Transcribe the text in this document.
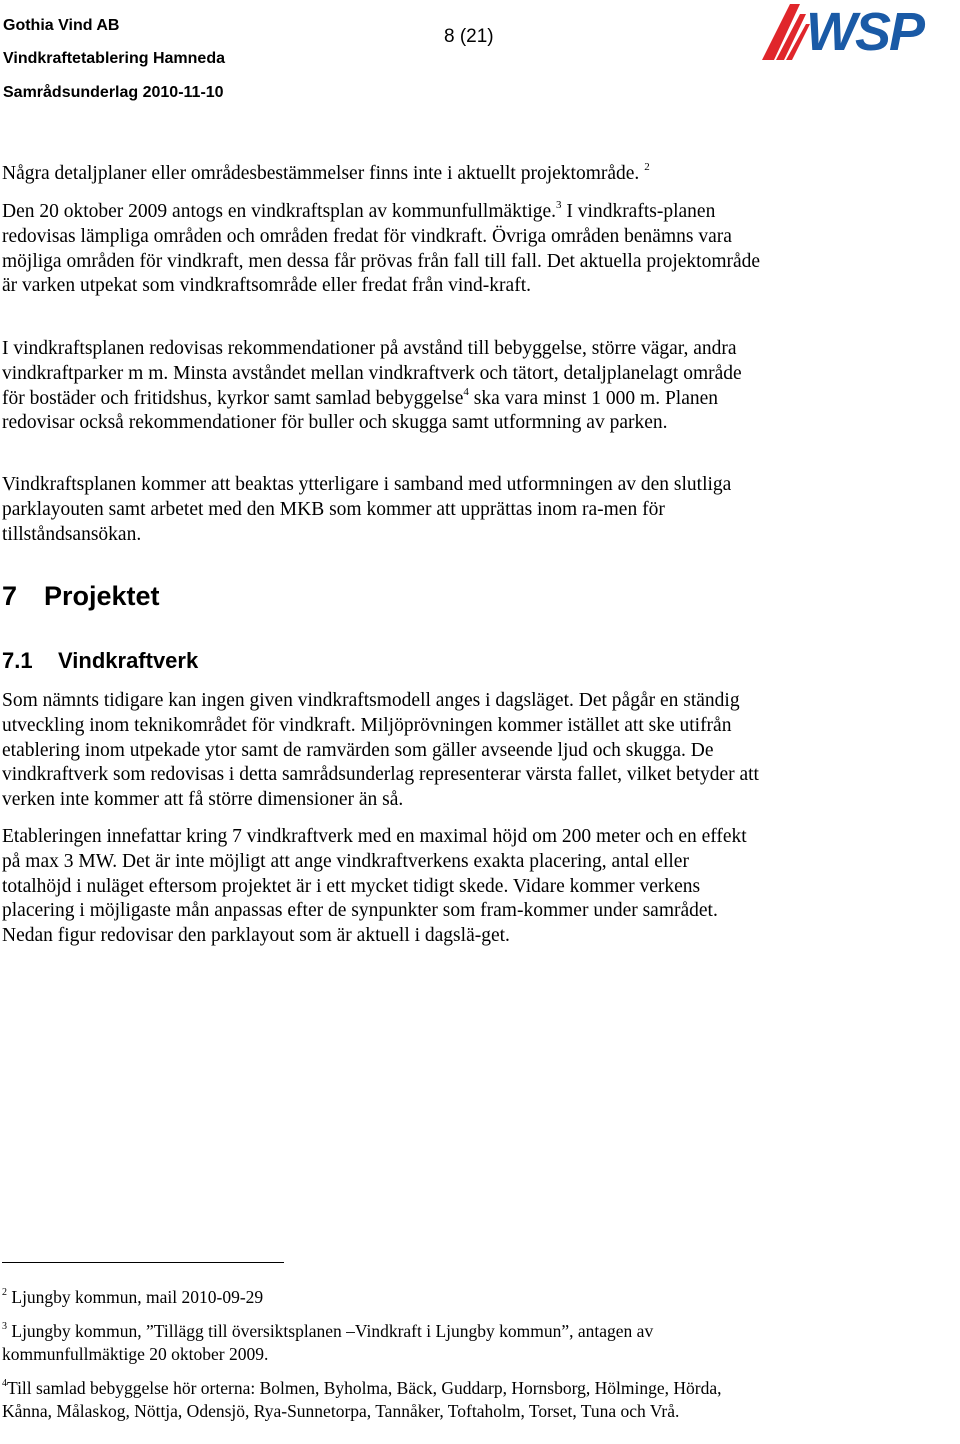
Gothia Vind AB
Vindkraftetablering Hamneda
Samrådsunderlag 2010-11-10
8 (21)	WSP

Några detaljplaner eller områdesbestämmelser finns inte i aktuellt projektområde. $^2$

Den 20 oktober 2009 antogs en vindkraftsplan av kommunfullmäktige.$^3$ I vindkrafts-planen redovisas lämpliga områden och områden fredat för vindkraft. Övriga områden benämns vara möjliga områden för vindkraft, men dessa får prövas från fall till fall. Det aktuella projektområde är varken utpekat som vindkraftsområde eller fredat från vind-kraft.

I vindkraftsplanen redovisas rekommendationer på avstånd till bebyggelse, större vägar, andra vindkraftparker m m. Minsta avståndet mellan vindkraftverk och tätort, detaljplanelagt område för bostäder och fritidshus, kyrkor samt samlad bebyggelse$^4$ ska vara minst 1 000 m. Planen redovisar också rekommendationer för buller och skugga samt utformning av parken.

Vindkraftsplanen kommer att beaktas ytterligare i samband med utformningen av den slutliga parklayouten samt arbetet med den MKB som kommer att upprättas inom ra-men för tillståndsansökan.

7 Projektet
7.1 Vindkraftverk

Som nämnts tidigare kan ingen given vindkraftsmodell anges i dagsläget. Det pågår en ständig utveckling inom teknikområdet för vindkraft. Miljöprövningen kommer istället att ske utifrån etablering inom utpekade ytor samt de ramvärden som gäller avseende ljud och skugga. De vindkraftverk som redovisas i detta samrådsunderlag representerar värsta fallet, vilket betyder att verken inte kommer att få större dimensioner än så.

Etableringen innefattar kring 7 vindkraftverk med en maximal höjd om 200 meter och en effekt på max 3 MW. Det är inte möjligt att ange vindkraftverkens exakta placering, antal eller totalhöjd i nuläget eftersom projektet är i ett mycket tidigt skede. Vidare kommer verkens placering i möjligaste mån anpassas efter de synpunkter som fram-kommer under samrådet. Nedan figur redovisar den parklayout som är aktuell i dagslä-get.

$^2$ Ljungby kommun, mail 2010-09-29

$^3$ Ljungby kommun, ”Tillägg till översiktsplanen –Vindkraft i Ljungby kommun”, antagen av kommunfullmäktige 20 oktober 2009.

$^4$Till samlad bebyggelse hör orterna: Bolmen, Byholma, Bäck, Guddarp, Hornsborg, Hölminge, Hörda, Kånna, Målaskog, Nöttja, Odensjö, Rya-Sunnetorpa, Tannåker, Toftaholm, Torset, Tuna och Vrå.
